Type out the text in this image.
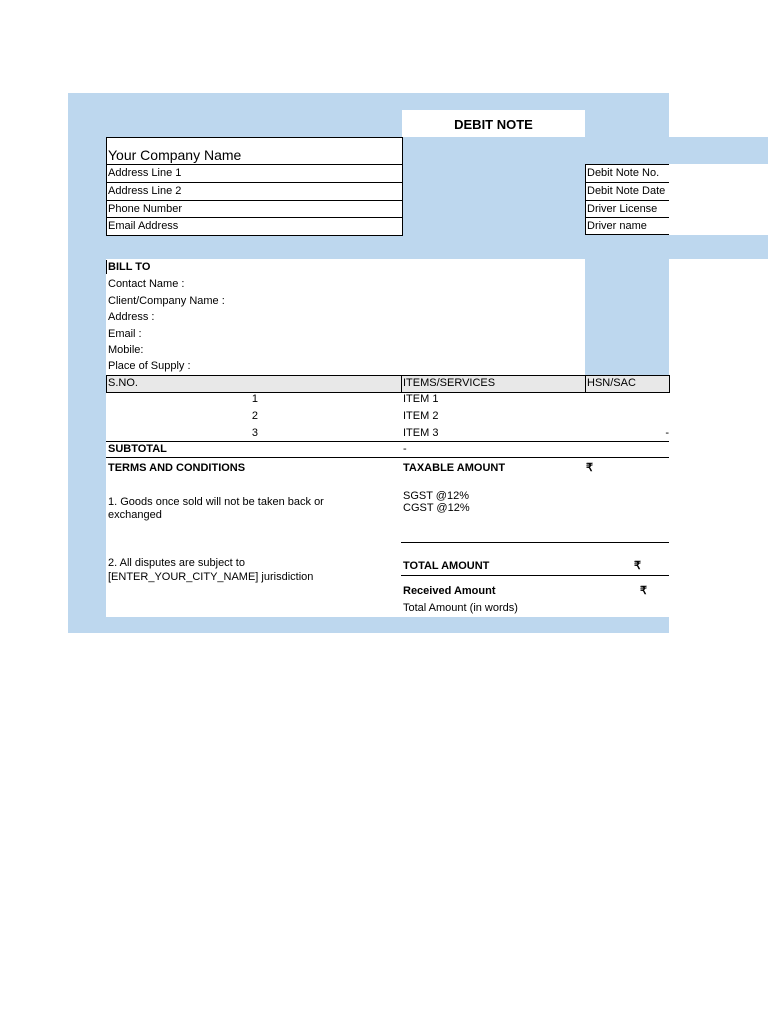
DEBIT NOTE
Your Company Name
Address Line 1
Address Line 2
Phone Number
Email Address
Debit Note No.
Debit Note Date
Driver License
Driver name
BILL TO
Contact Name :
Client/Company Name :
Address :
Email :
Mobile:
Place of Supply :
S.NO.	ITEMS/SERVICES	HSN/SAC
1	ITEM 1
2	ITEM 2
3	ITEM 3	-
SUBTOTAL	-
TERMS AND CONDITIONS
1. Goods once sold will not be taken back or
exchanged
2. All disputes are subject to
[ENTER_YOUR_CITY_NAME] jurisdiction
TAXABLE AMOUNT	₹
SGST @12%
CGST @12%
TOTAL AMOUNT	₹
Received Amount	₹
Total Amount (in words)
